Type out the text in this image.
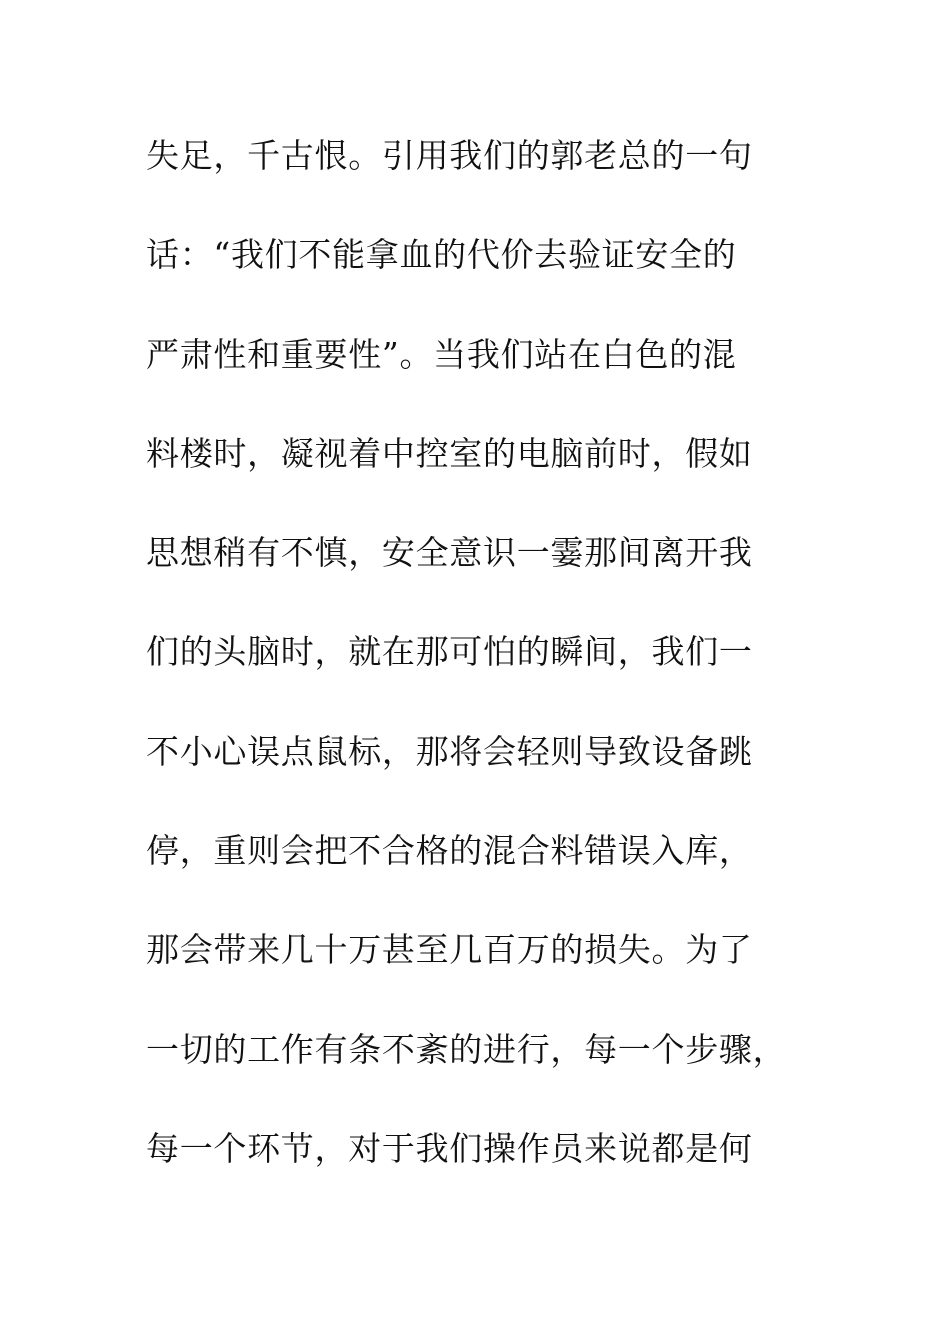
失足，千古恨。引用我们的郭老总的一句
话：“我们不能拿血的代价去验证安全的
严肃性和重要性”。当我们站在白色的混
料楼时，凝视着中控室的电脑前时，假如
思想稍有不慎，安全意识一霎那间离开我
们的头脑时，就在那可怕的瞬间，我们一
不小心误点鼠标，那将会轻则导致设备跳
停，重则会把不合格的混合料错误入库，
那会带来几十万甚至几百万的损失。为了
一切的工作有条不紊的进行，每一个步骤，
每一个环节，对于我们操作员来说都是何
